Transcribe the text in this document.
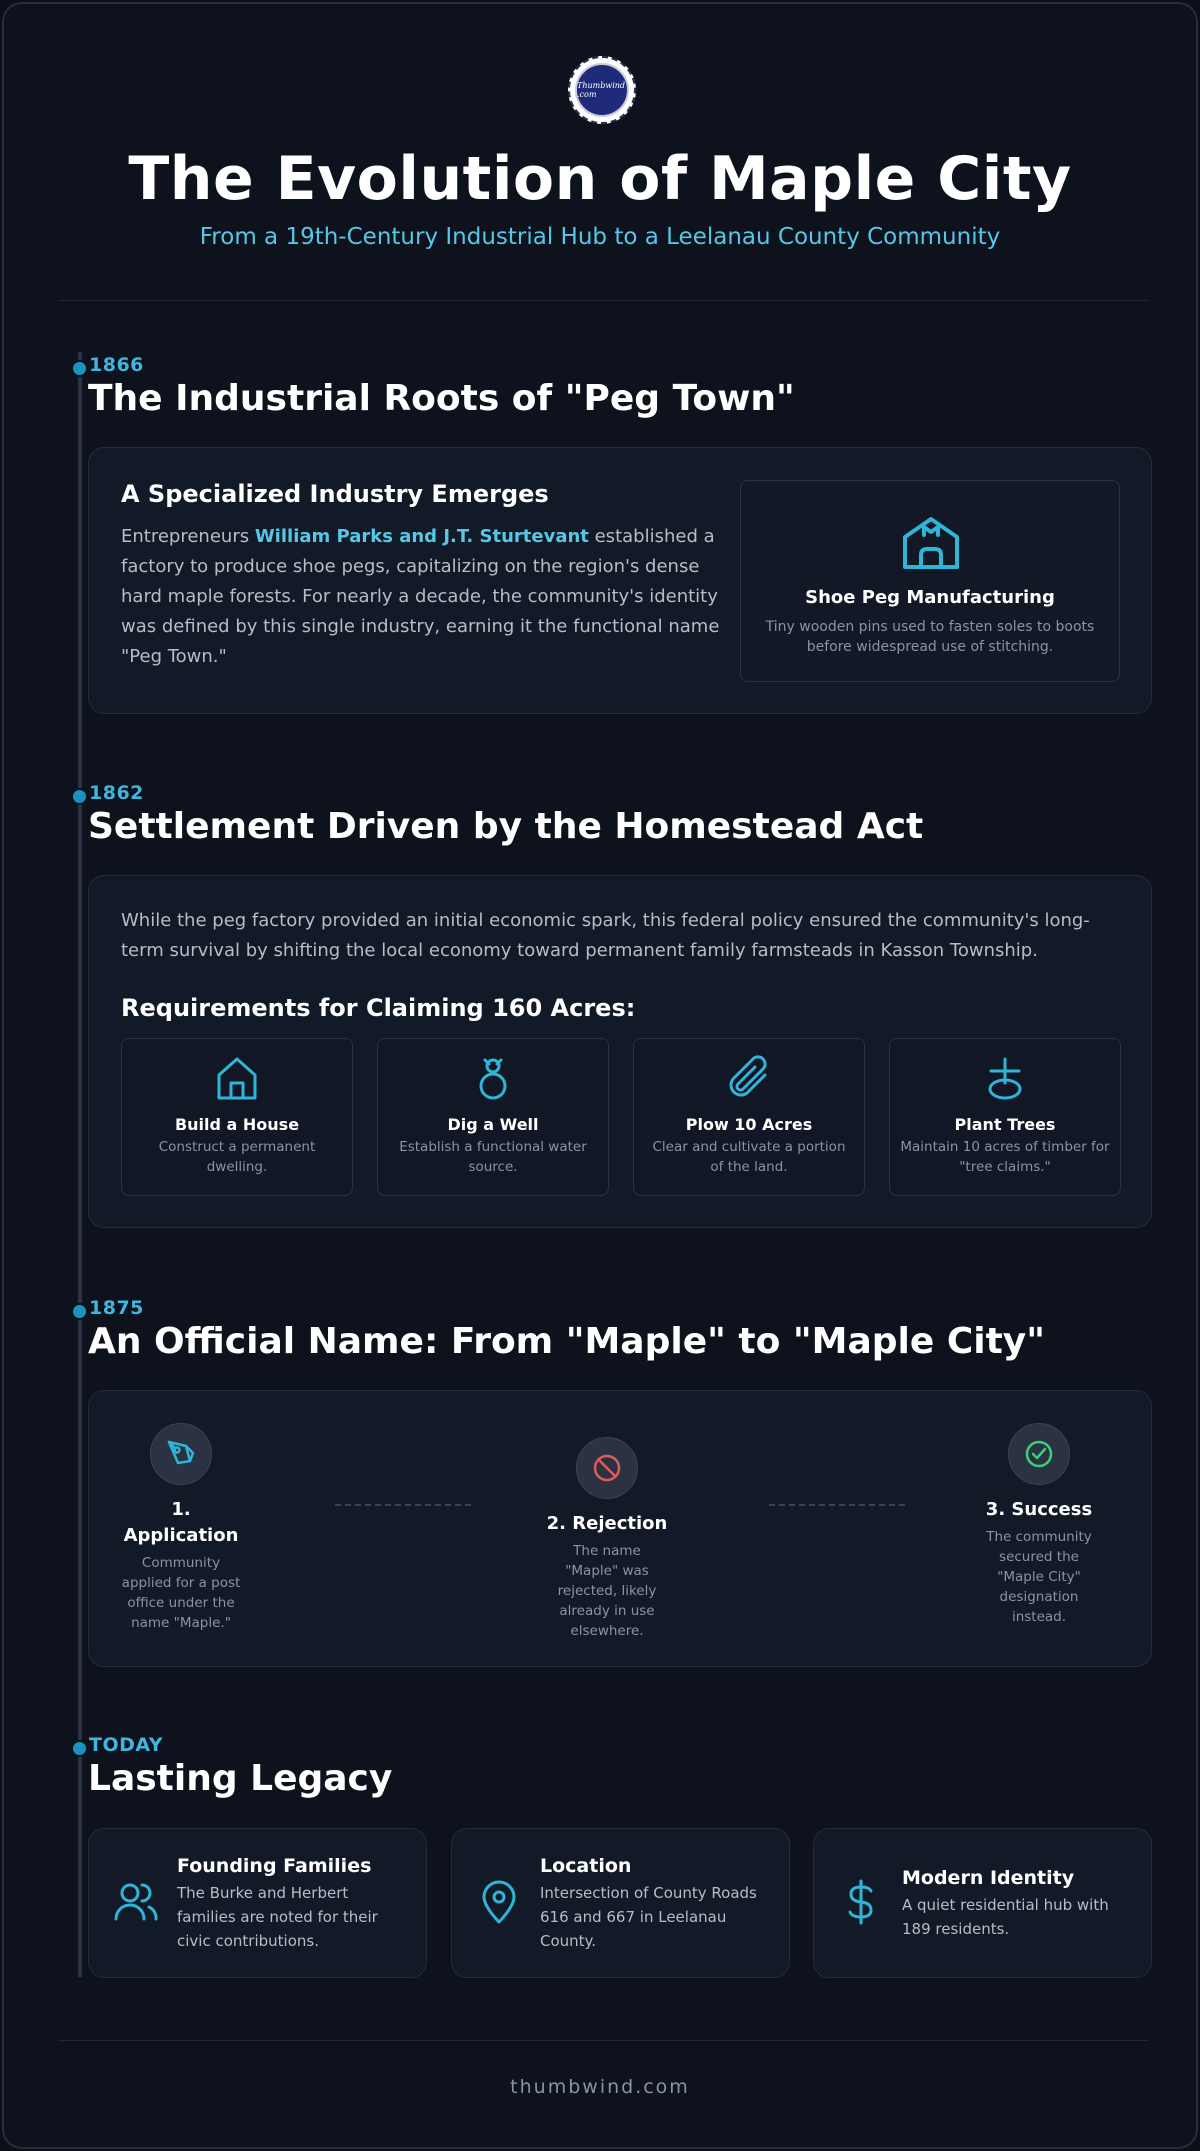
Thumbwind .com
The Evolution of Maple City
From a 19th-Century Industrial Hub to a Leelanau County Community
1866
The Industrial Roots of "Peg Town"
A Specialized Industry Emerges
Entrepreneurs William Parks and J.T. Sturtevant established a factory to produce shoe pegs, capitalizing on the region's dense hard maple forests. For nearly a decade, the community's identity was defined by this single industry, earning it the functional name "Peg Town."
Shoe Peg Manufacturing
Tiny wooden pins used to fasten soles to boots before widespread use of stitching.
1862
Settlement Driven by the Homestead Act
While the peg factory provided an initial economic spark, this federal policy ensured the community's long-term survival by shifting the local economy toward permanent family farmsteads in Kasson Township.
Requirements for Claiming 160 Acres:
Build a House
Construct a permanent dwelling.
Dig a Well
Establish a functional water source.
Plow 10 Acres
Clear and cultivate a portion of the land.
Plant Trees
Maintain 10 acres of timber for "tree claims."
1875
An Official Name: From "Maple" to "Maple City"
1. Application
Community applied for a post office under the name "Maple."
2. Rejection
The name "Maple" was rejected, likely already in use elsewhere.
3. Success
The community secured the "Maple City" designation instead.
TODAY
Lasting Legacy
Founding Families
The Burke and Herbert families are noted for their civic contributions.
Location
Intersection of County Roads 616 and 667 in Leelanau County.
Modern Identity
A quiet residential hub with 189 residents.
thumbwind.com
